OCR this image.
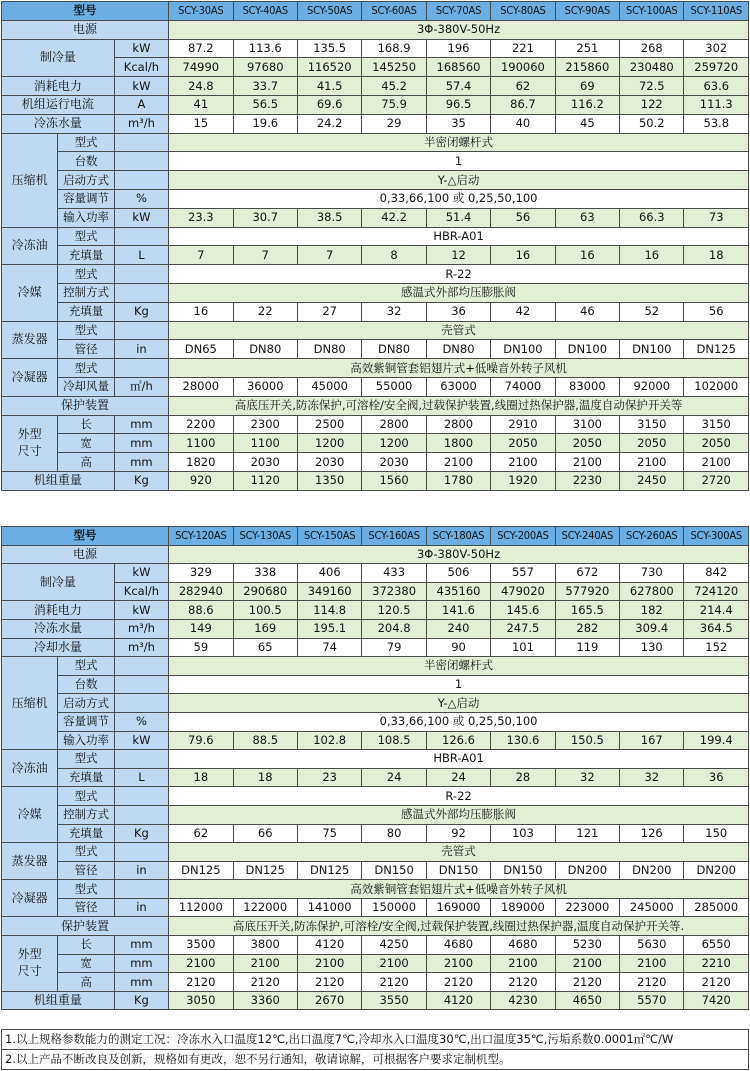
型号			SCY-30AS	SCY-40AS	SCY-50AS	SCY-60AS	SCY-70AS	SCY-80AS	SCY-90AS	SCY-100AS	SCY-110AS
电源			3Φ-380V-50Hz								
制冷量		kW	87.2	113.6	135.5	168.9	196	221	251	268	302
		Kcal/h	74990	97680	116520	145250	168560	190060	215860	230480	259720
消耗电力		kW	24.8	33.7	41.5	45.2	57.4	62	69	72.5	63.6
机组运行电流		A	41	56.5	69.6	75.9	96.5	86.7	116.2	122	111.3
冷冻水量		m³/h	15	19.6	24.2	29	35	40	45	50.2	53.8
压缩机	型式		半密闭螺杆式								
	台数		1								
	启动方式		Y-△启动								
	容量调节	%	0,33,66,100 或 0,25,50,100								
	输入功率	kW	23.3	30.7	38.5	42.2	51.4	56	63	66.3	73
冷冻油	型式		HBR-A01								
	充填量	L	7	7	7	8	12	16	16	16	18
冷媒	型式		R-22								
	控制方式		感温式外部均压膨胀阀								
	充填量	Kg	16	22	27	32	36	42	46	52	56
蒸发器	型式		壳管式								
	管径	in	DN65	DN80	DN80	DN80	DN80	DN100	DN100	DN100	DN125
冷凝器	型式		高效紫铜管套铝翅片式+低噪音外转子风机								
	冷却风量	㎥/h	28000	36000	45000	55000	63000	74000	83000	92000	102000
保护装置			高底压开关,防冻保护,可溶栓/安全阀,过载保护装置,线圈过热保护器,温度自动保护开关等								

外型
尺寸	长	mm	2200	2300	2500	2800	2800	2910	3100	3150	3150
	宽	mm	1100	1100	1200	1200	1800	2050	2050	2050	2050
	高	mm	1820	2030	2030	2030	2100	2100	2100	2100	2100
机组重量		Kg	920	1120	1350	1560	1780	1920	2230	2450	2720
型号			SCY-120AS	SCY-130AS	SCY-150AS	SCY-160AS	SCY-180AS	SCY-200AS	SCY-240AS	SCY-260AS	SCY-300AS
电源			3Φ-380V-50Hz								
制冷量		kW	329	338	406	433	506	557	672	730	842
		Kcal/h	282940	290680	349160	372380	435160	479020	577920	627800	724120
消耗电力		kW	88.6	100.5	114.8	120.5	141.6	145.6	165.5	182	214.4
冷冻水量		m³/h	149	169	195.1	204.8	240	247.5	282	309.4	364.5
冷却水量		m³/h	59	65	74	79	90	101	119	130	152
压缩机	型式		半密闭螺杆式								
	台数		1								
	启动方式		Y-△启动								
	容量调节	%	0,33,66,100 或 0,25,50,100								
	输入功率	kW	79.6	88.5	102.8	108.5	126.6	130.6	150.5	167	199.4
冷冻油	型式		HBR-A01								
	充填量	L	18	18	23	24	24	28	32	32	36
冷媒	型式		R-22								
	控制方式		感温式外部均压膨胀阀								
	充填量	Kg	62	66	75	80	92	103	121	126	150
蒸发器	型式		壳管式								
	管径	in	DN125	DN125	DN125	DN150	DN150	DN150	DN200	DN200	DN200
冷凝器	型式		高效紫铜管套铝翅片式+低噪音外转子风机								
	管径	in	112000	122000	141000	150000	169000	189000	223000	245000	285000
保护装置			高底压开关,防冻保护,可溶栓/安全阀,过载保护装置,线圈过热保护器,温度自动保护开关等.								

外型
尺寸	长	mm	3500	3800	4120	4250	4680	4680	5230	5630	6550
	宽	mm	2100	2100	2100	2100	2100	2100	2100	2100	2210
	高	mm	2120	2120	2120	2120	2120	2120	2120	2120	2120
机组重量		Kg	3050	3360	2670	3550	4120	4230	4650	5570	7420
1.以上规格参数能力的测定工况：冷冻水入口温度12℃,出口温度7℃,冷却水入口温度30℃,出口温度35℃,污垢系数0.0001㎡℃/W
2.以上产品不断改良及创新，规格如有更改，恕不另行通知，敬请谅解，可根据客户要求定制机型。
